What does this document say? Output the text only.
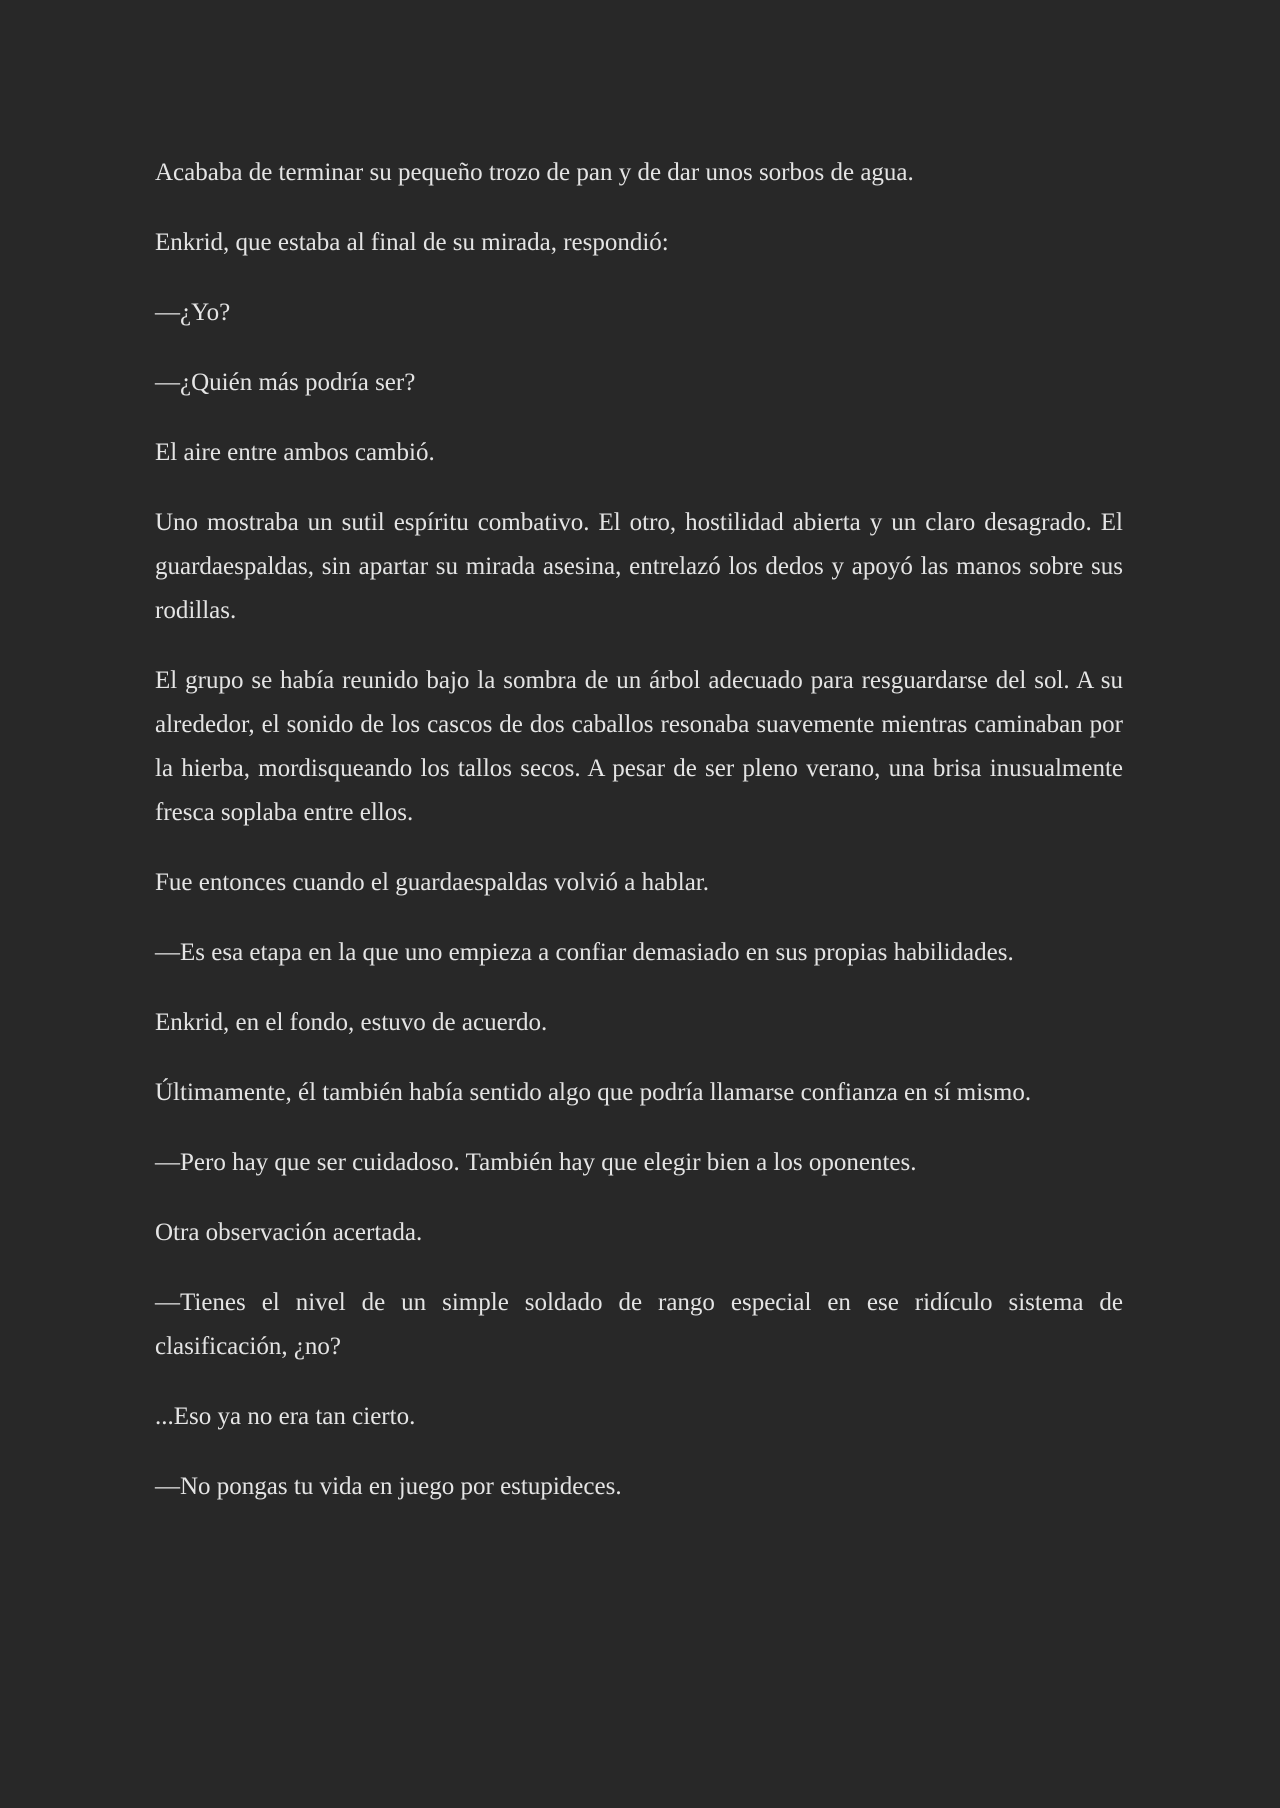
Acababa de terminar su pequeño trozo de pan y de dar unos sorbos de agua.

Enkrid, que estaba al final de su mirada, respondió:

—¿Yo?

—¿Quién más podría ser?

El aire entre ambos cambió.

Uno mostraba un sutil espíritu combativo. El otro, hostilidad abierta y un claro desagrado. El guardaespaldas, sin apartar su mirada asesina, entrelazó los dedos y apoyó las manos sobre sus rodillas.

El grupo se había reunido bajo la sombra de un árbol adecuado para resguardarse del sol. A su alrededor, el sonido de los cascos de dos caballos resonaba suavemente mientras caminaban por la hierba, mordisqueando los tallos secos. A pesar de ser pleno verano, una brisa inusualmente fresca soplaba entre ellos.

Fue entonces cuando el guardaespaldas volvió a hablar.

—Es esa etapa en la que uno empieza a confiar demasiado en sus propias habilidades.

Enkrid, en el fondo, estuvo de acuerdo.

Últimamente, él también había sentido algo que podría llamarse confianza en sí mismo.

—Pero hay que ser cuidadoso. También hay que elegir bien a los oponentes.

Otra observación acertada.

—Tienes el nivel de un simple soldado de rango especial en ese ridículo sistema de clasificación, ¿no?

...Eso ya no era tan cierto.

—No pongas tu vida en juego por estupideces.
